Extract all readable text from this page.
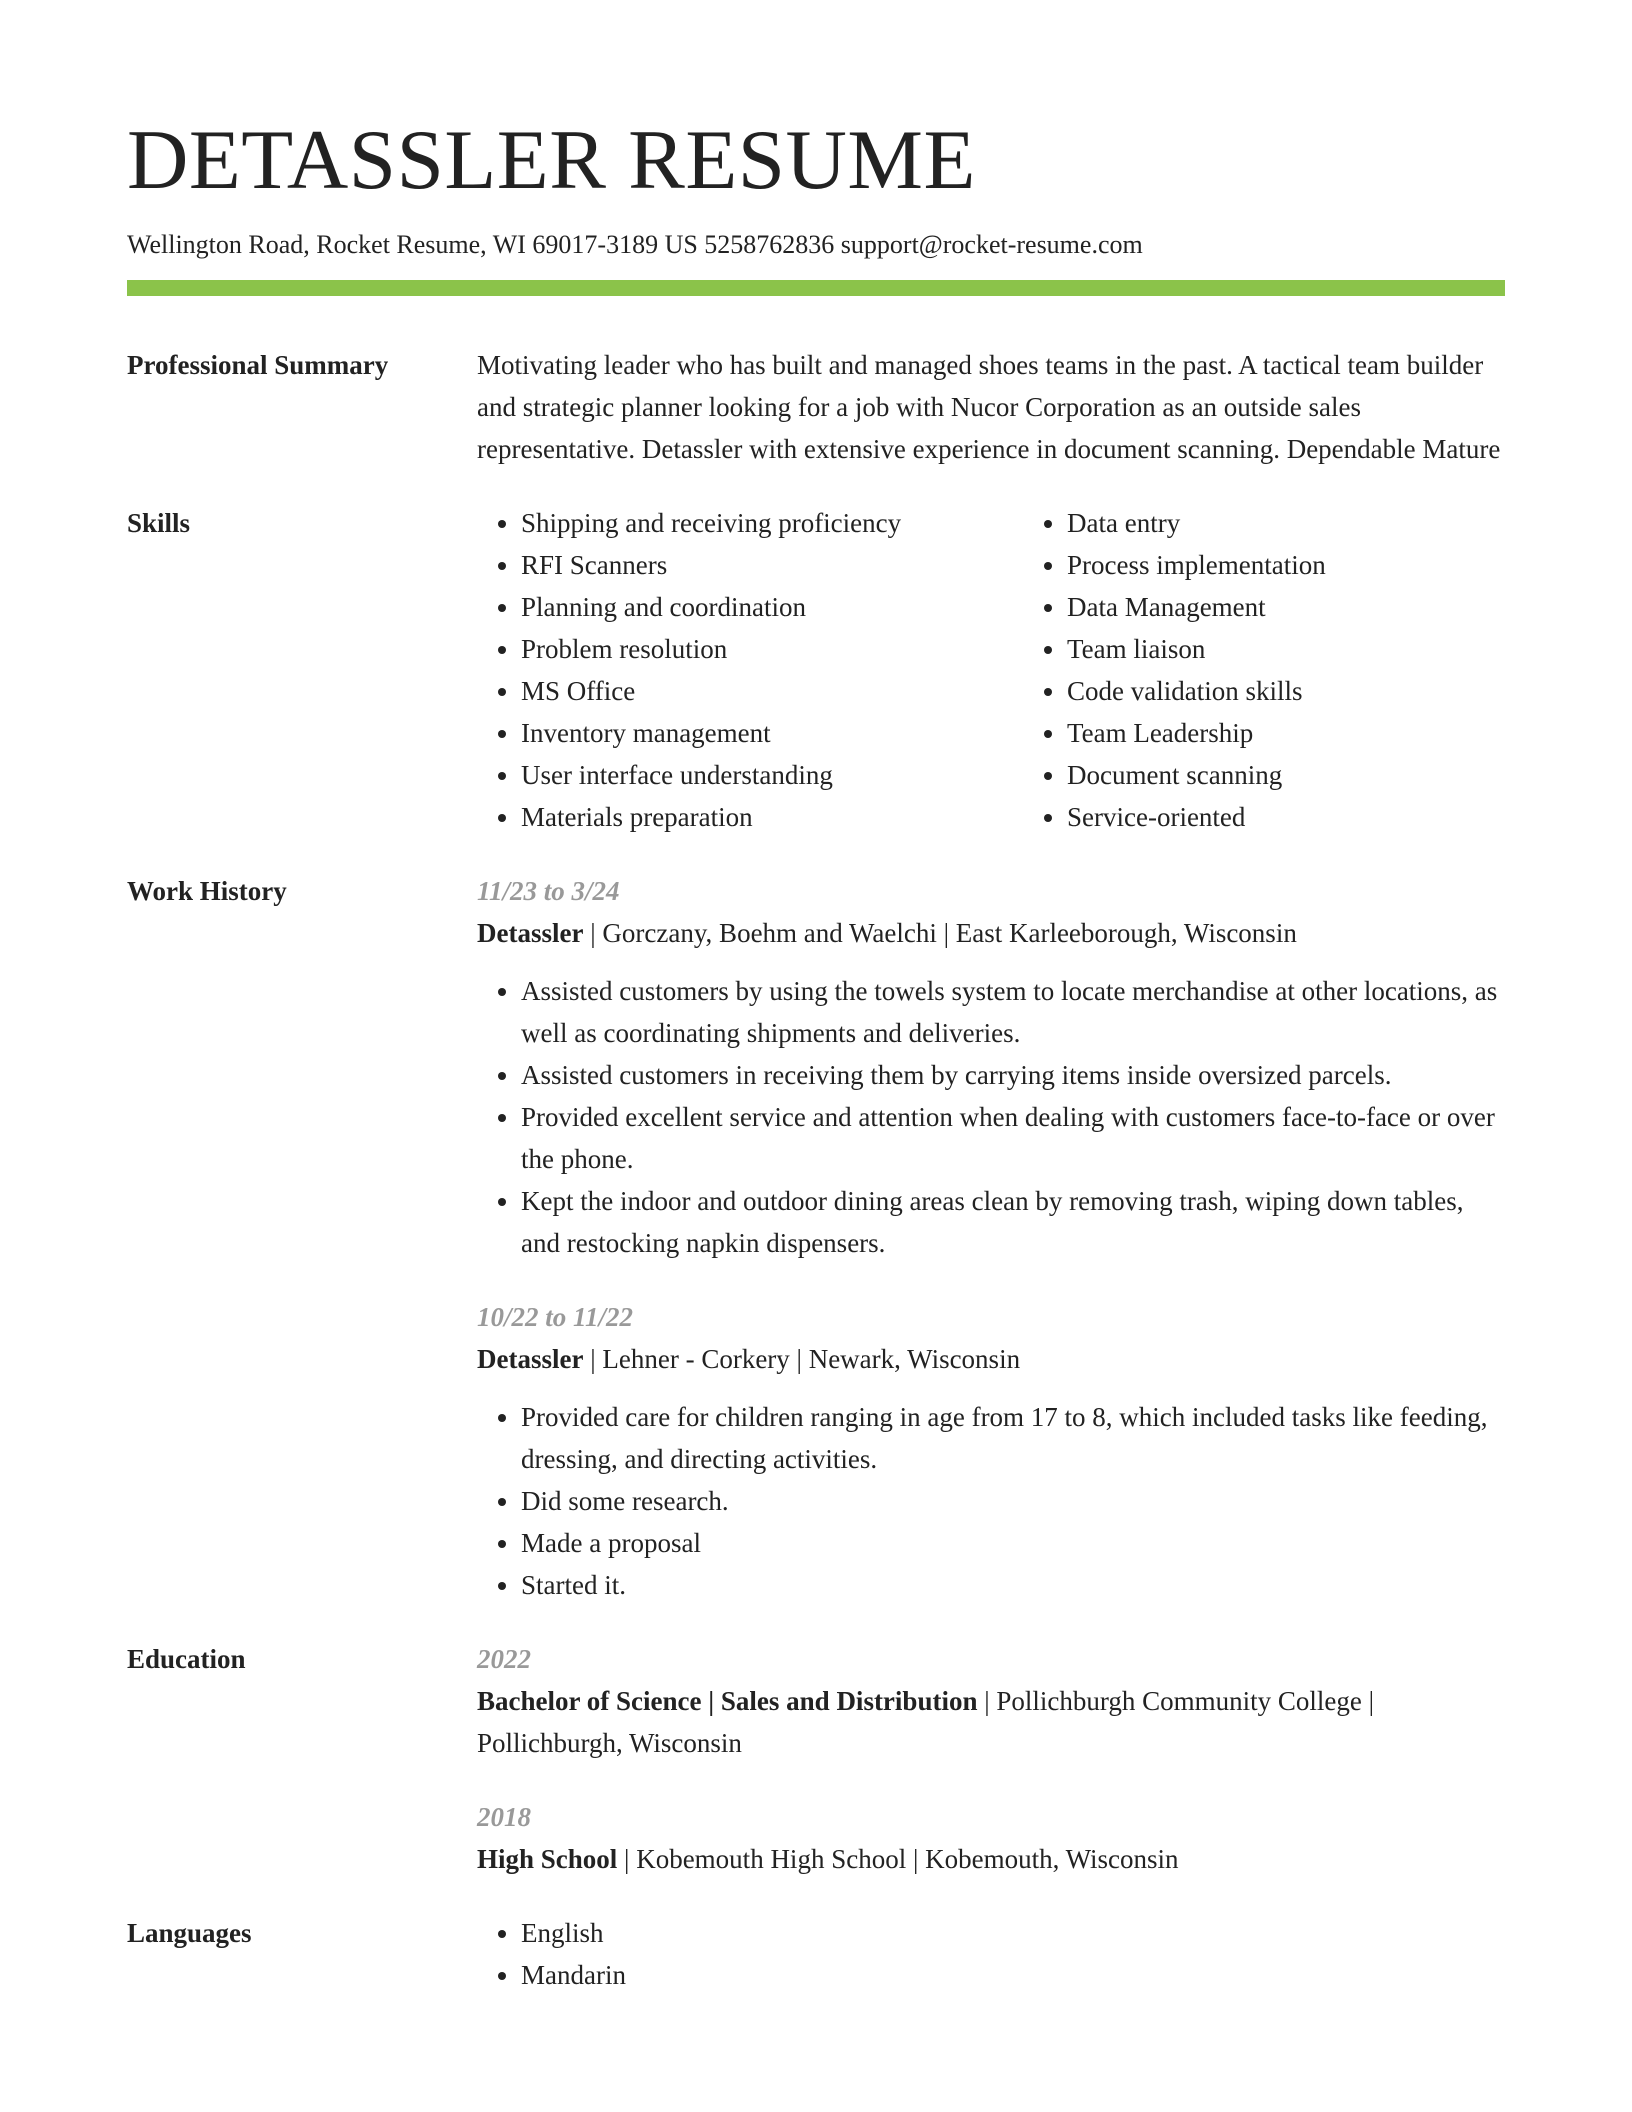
DETASSLER RESUME
Wellington Road, Rocket Resume, WI 69017-3189 US 5258762836 support@rocket-resume.com
Professional Summary	Motivating leader who has built and managed shoes teams in the past. A tactical team builder and strategic planner looking for a job with Nucor Corporation as an outside sales representative. Detassler with extensive experience in document scanning. Dependable Mature
Skills	• Shipping and receiving proficiency
• RFI Scanners
• Planning and coordination
• Problem resolution
• MS Office
• Inventory management
• User interface understanding
• Materials preparation
• Data entry
• Process implementation
• Data Management
• Team liaison
• Code validation skills
• Team Leadership
• Document scanning
• Service-oriented
Work History	11/23 to 3/24
Detassler | Gorczany, Boehm and Waelchi | East Karleeborough, Wisconsin
• Assisted customers by using the towels system to locate merchandise at other locations, as well as coordinating shipments and deliveries.
• Assisted customers in receiving them by carrying items inside oversized parcels.
• Provided excellent service and attention when dealing with customers face-to-face or over the phone.
• Kept the indoor and outdoor dining areas clean by removing trash, wiping down tables, and restocking napkin dispensers.
10/22 to 11/22
Detassler | Lehner - Corkery | Newark, Wisconsin
• Provided care for children ranging in age from 17 to 8, which included tasks like feeding, dressing, and directing activities.
• Did some research.
• Made a proposal
• Started it.
Education	2022
Bachelor of Science | Sales and Distribution | Pollichburgh Community College | Pollichburgh, Wisconsin
2018
High School | Kobemouth High School | Kobemouth, Wisconsin
Languages	• English
• Mandarin
